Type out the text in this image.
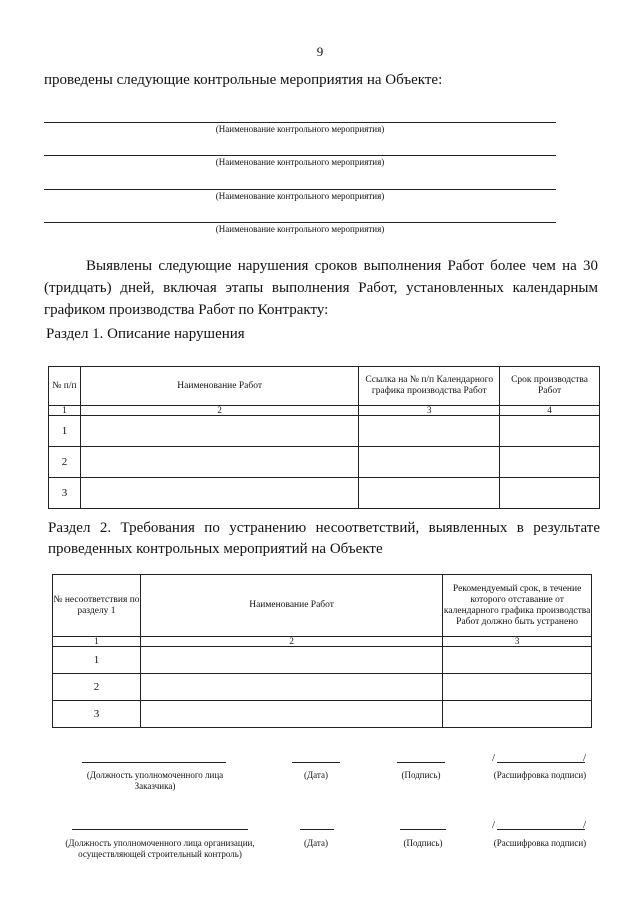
9
проведены следующие контрольные мероприятия на Объекте:
(Наименование контрольного мероприятия)
(Наименование контрольного мероприятия)
(Наименование контрольного мероприятия)
(Наименование контрольного мероприятия)
Выявлены следующие нарушения сроков выполнения Работ более чем на 30 (тридцать) дней, включая этапы выполнения Работ, установленных календарным графиком производства Работ по Контракту:
Раздел 1. Описание нарушения
№ п/п	Наименование Работ	Ссылка на № п/п Календарного графика производства Работ	Срок производства Работ
1	2	3	4
1			
2			
3			
Раздел 2. Требования по устранению несоответствий, выявленных в результате проведенных контрольных мероприятий на Объекте
№ несоответствия по разделу 1	Наименование Работ	Рекомендуемый срок, в течение которого отставание от календарного графика производства Работ должно быть устранено
1	2	3
1		
2		
3		
(Должность уполномоченного лица Заказчика)
(Дата)	(Подпись)
/	/
(Расшифровка подписи)
(Должность уполномоченного лица организации, осуществляющей строительный контроль)
(Дата)	(Подпись)
/	/
(Расшифровка подписи)
